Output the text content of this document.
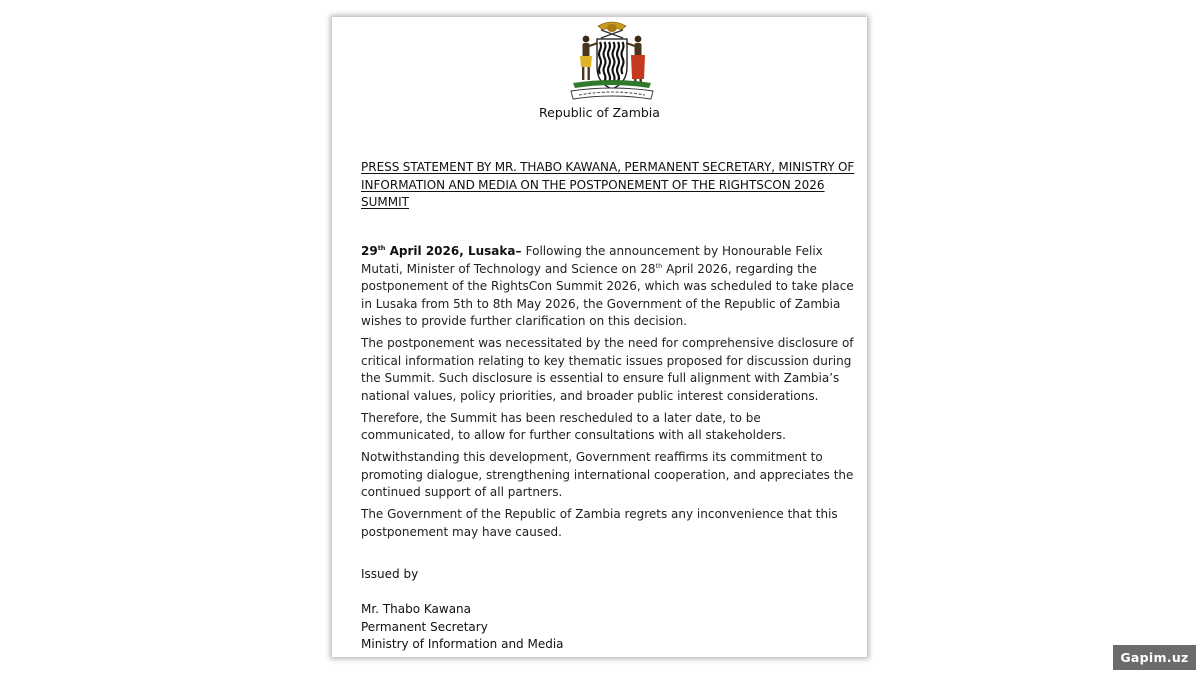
Republic of Zambia
PRESS STATEMENT BY MR. THABO KAWANA, PERMANENT SECRETARY, MINISTRY OF INFORMATION AND MEDIA ON THE POSTPONEMENT OF THE RIGHTSCON 2026 SUMMIT

29th April 2026, Lusaka– Following the announcement by Honourable Felix Mutati, Minister of Technology and Science on 28th April 2026, regarding the postponement of the RightsCon Summit 2026, which was scheduled to take place in Lusaka from 5th to 8th May 2026, the Government of the Republic of Zambia wishes to provide further clarification on this decision.

The postponement was necessitated by the need for comprehensive disclosure of critical information relating to key thematic issues proposed for discussion during the Summit. Such disclosure is essential to ensure full alignment with Zambia’s national values, policy priorities, and broader public interest considerations.

Therefore, the Summit has been rescheduled to a later date, to be communicated, to allow for further consultations with all stakeholders.

Notwithstanding this development, Government reaffirms its commitment to promoting dialogue, strengthening international cooperation, and appreciates the continued support of all partners.

The Government of the Republic of Zambia regrets any inconvenience that this postponement may have caused.

Issued by
Mr. Thabo Kawana
Permanent Secretary
Ministry of Information and Media
Gapim.uz
